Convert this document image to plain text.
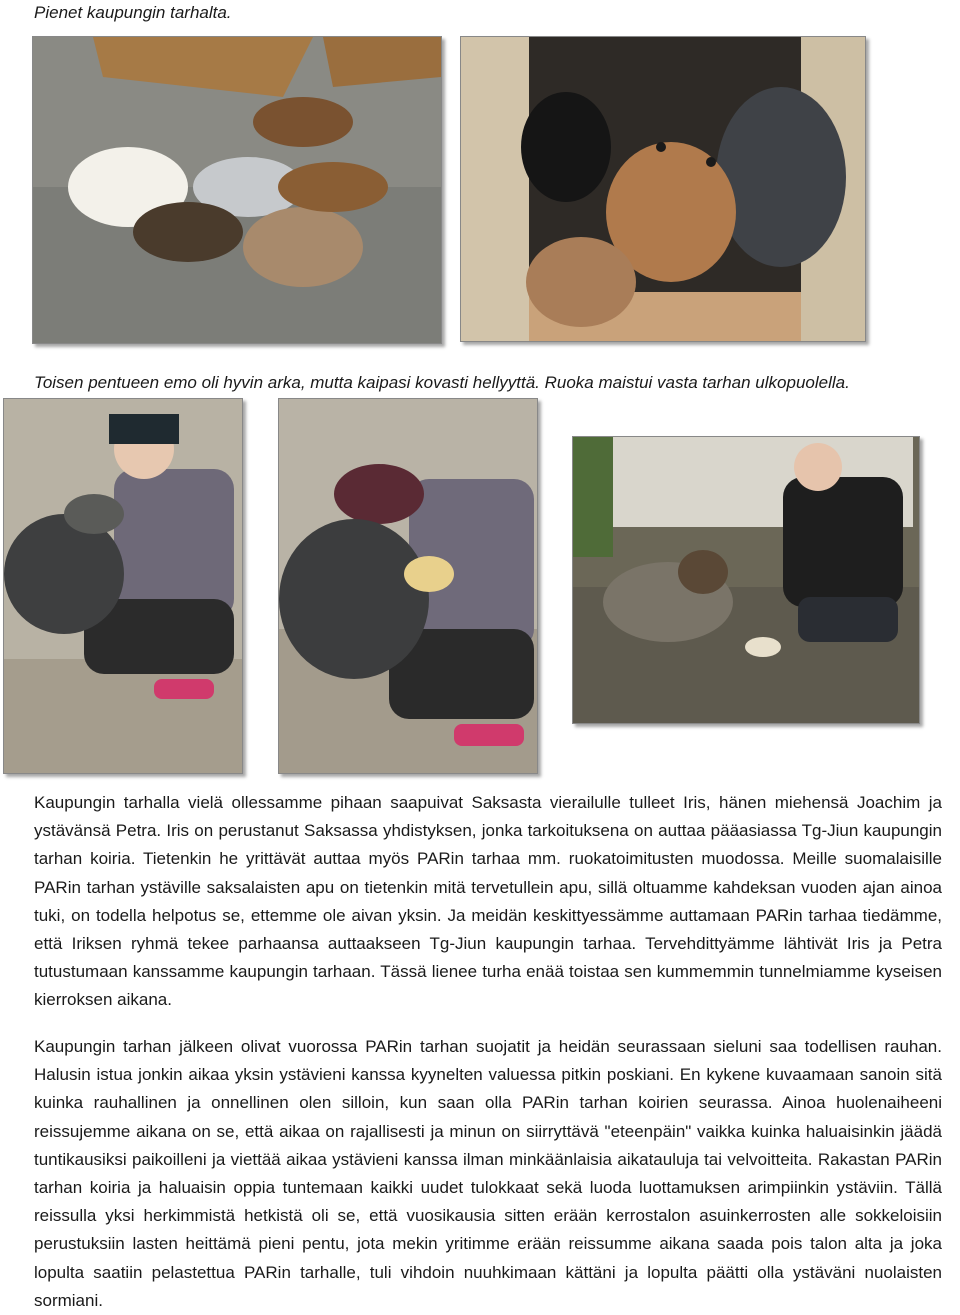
Pienet kaupungin tarhalta.
Toisen pentueen emo oli hyvin arka, mutta kaipasi kovasti hellyyttä. Ruoka maistui vasta tarhan ulkopuolella.

Kaupungin tarhalla vielä ollessamme pihaan saapuivat Saksasta vierailulle tulleet Iris, hänen miehensä Joachim ja ystävänsä Petra. Iris on perustanut Saksassa yhdistyksen, jonka tarkoituksena on auttaa pääasiassa Tg-Jiun kaupungin tarhan koiria. Tietenkin he yrittävät auttaa myös PARin tarhaa mm. ruokatoimitusten muodossa. Meille suomalaisille PARin tarhan ystäville saksalaisten apu on tietenkin mitä tervetullein apu, sillä oltuamme kahdeksan vuoden ajan ainoa tuki, on todella helpotus se, ettemme ole aivan yksin. Ja meidän keskittyessämme auttamaan PARin tarhaa tiedämme, että Iriksen ryhmä tekee parhaansa auttaakseen Tg-Jiun kaupungin tarhaa. Tervehdittyämme lähtivät Iris ja Petra tutustumaan kanssamme kaupungin tarhaan. Tässä lienee turha enää toistaa sen kummemmin tunnelmiamme kyseisen kierroksen aikana.

Kaupungin tarhan jälkeen olivat vuorossa PARin tarhan suojatit ja heidän seurassaan sieluni saa todellisen rauhan. Halusin istua jonkin aikaa yksin ystävieni kanssa kyynelten valuessa pitkin poskiani. En kykene kuvaamaan sanoin sitä kuinka rauhallinen ja onnellinen olen silloin, kun saan olla PARin tarhan koirien seurassa. Ainoa huolenaiheeni reissujemme aikana on se, että aikaa on rajallisesti ja minun on siirryttävä "eteenpäin" vaikka kuinka haluaisinkin jäädä tuntikausiksi paikoilleni ja viettää aikaa ystävieni kanssa ilman minkäänlaisia aikatauluja tai velvoitteita. Rakastan PARin tarhan koiria ja haluaisin oppia tuntemaan kaikki uudet tulokkaat sekä luoda luottamuksen arimpiinkin ystäviin. Tällä reissulla yksi herkimmistä hetkistä oli se, että vuosikausia sitten erään kerrostalon asuinkerrosten alle sokkeloisiin perustuksiin lasten heittämä pieni pentu, jota mekin yritimme erään reissumme aikana saada pois talon alta ja joka lopulta saatiin pelastettua PARin tarhalle, tuli vihdoin nuuhkimaan kättäni ja lopulta päätti olla ystäväni nuolaisten sormiani.
